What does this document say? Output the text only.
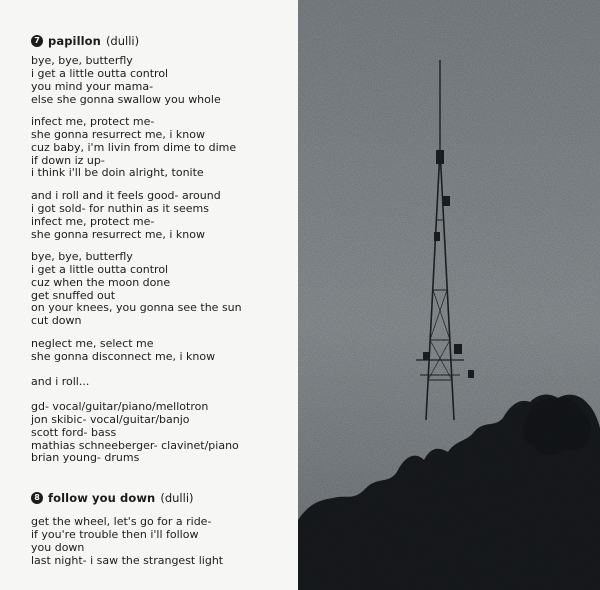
7 papillon (dulli)
bye, bye, butterfly
i get a little outta control
you mind your mama-
else she gonna swallow you whole
infect me, protect me-
she gonna resurrect me, i know
cuz baby, i'm livin from dime to dime
if down iz up-
i think i'll be doin alright, tonite
and i roll and it feels good- around
i got sold- for nuthin as it seems
infect me, protect me-
she gonna resurrect me, i know
bye, bye, butterfly
i get a little outta control
cuz when the moon done
get snuffed out
on your knees, you gonna see the sun
cut down
neglect me, select me
she gonna disconnect me, i know
and i roll...
gd- vocal/guitar/piano/mellotron
jon skibic- vocal/guitar/banjo
scott ford- bass
mathias schneeberger- clavinet/piano
brian young- drums
8 follow you down (dulli)
get the wheel, let's go for a ride-
if you're trouble then i'll follow
you down
last night- i saw the strangest light
